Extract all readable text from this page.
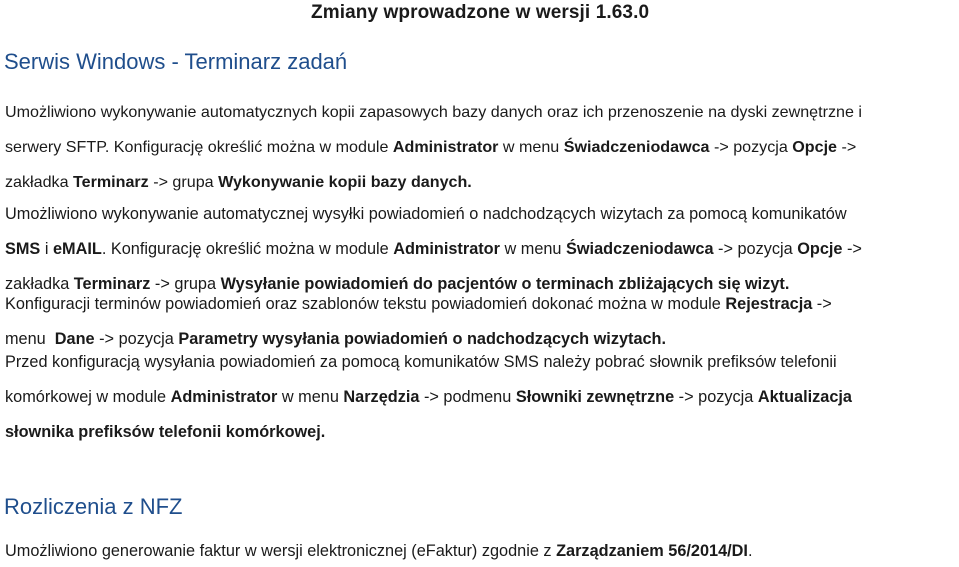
Zmiany wprowadzone w wersji 1.63.0
Serwis Windows - Terminarz zadań
Umożliwiono wykonywanie automatycznych kopii zapasowych bazy danych oraz ich przenoszenie na dyski zewnętrzne i
serwery SFTP. Konfigurację określić można w module Administrator w menu Świadczeniodawca -> pozycja Opcje ->
zakładka Terminarz -> grupa Wykonywanie kopii bazy danych.
Umożliwiono wykonywanie automatycznej wysyłki powiadomień o nadchodzących wizytach za pomocą komunikatów
SMS i eMAIL. Konfigurację określić można w module Administrator w menu Świadczeniodawca -> pozycja Opcje ->
zakładka Terminarz -> grupa Wysyłanie powiadomień do pacjentów o terminach zbliżających się wizyt.
Konfiguracji terminów powiadomień oraz szablonów tekstu powiadomień dokonać można w module Rejestracja ->
menu  Dane -> pozycja Parametry wysyłania powiadomień o nadchodzących wizytach.
Przed konfiguracją wysyłania powiadomień za pomocą komunikatów SMS należy pobrać słownik prefiksów telefonii
komórkowej w module Administrator w menu Narzędzia -> podmenu Słowniki zewnętrzne -> pozycja Aktualizacja
słownika prefiksów telefonii komórkowej.
Rozliczenia z NFZ
Umożliwiono generowanie faktur w wersji elektronicznej (eFaktur) zgodnie z Zarządzaniem 56/2014/DI.
